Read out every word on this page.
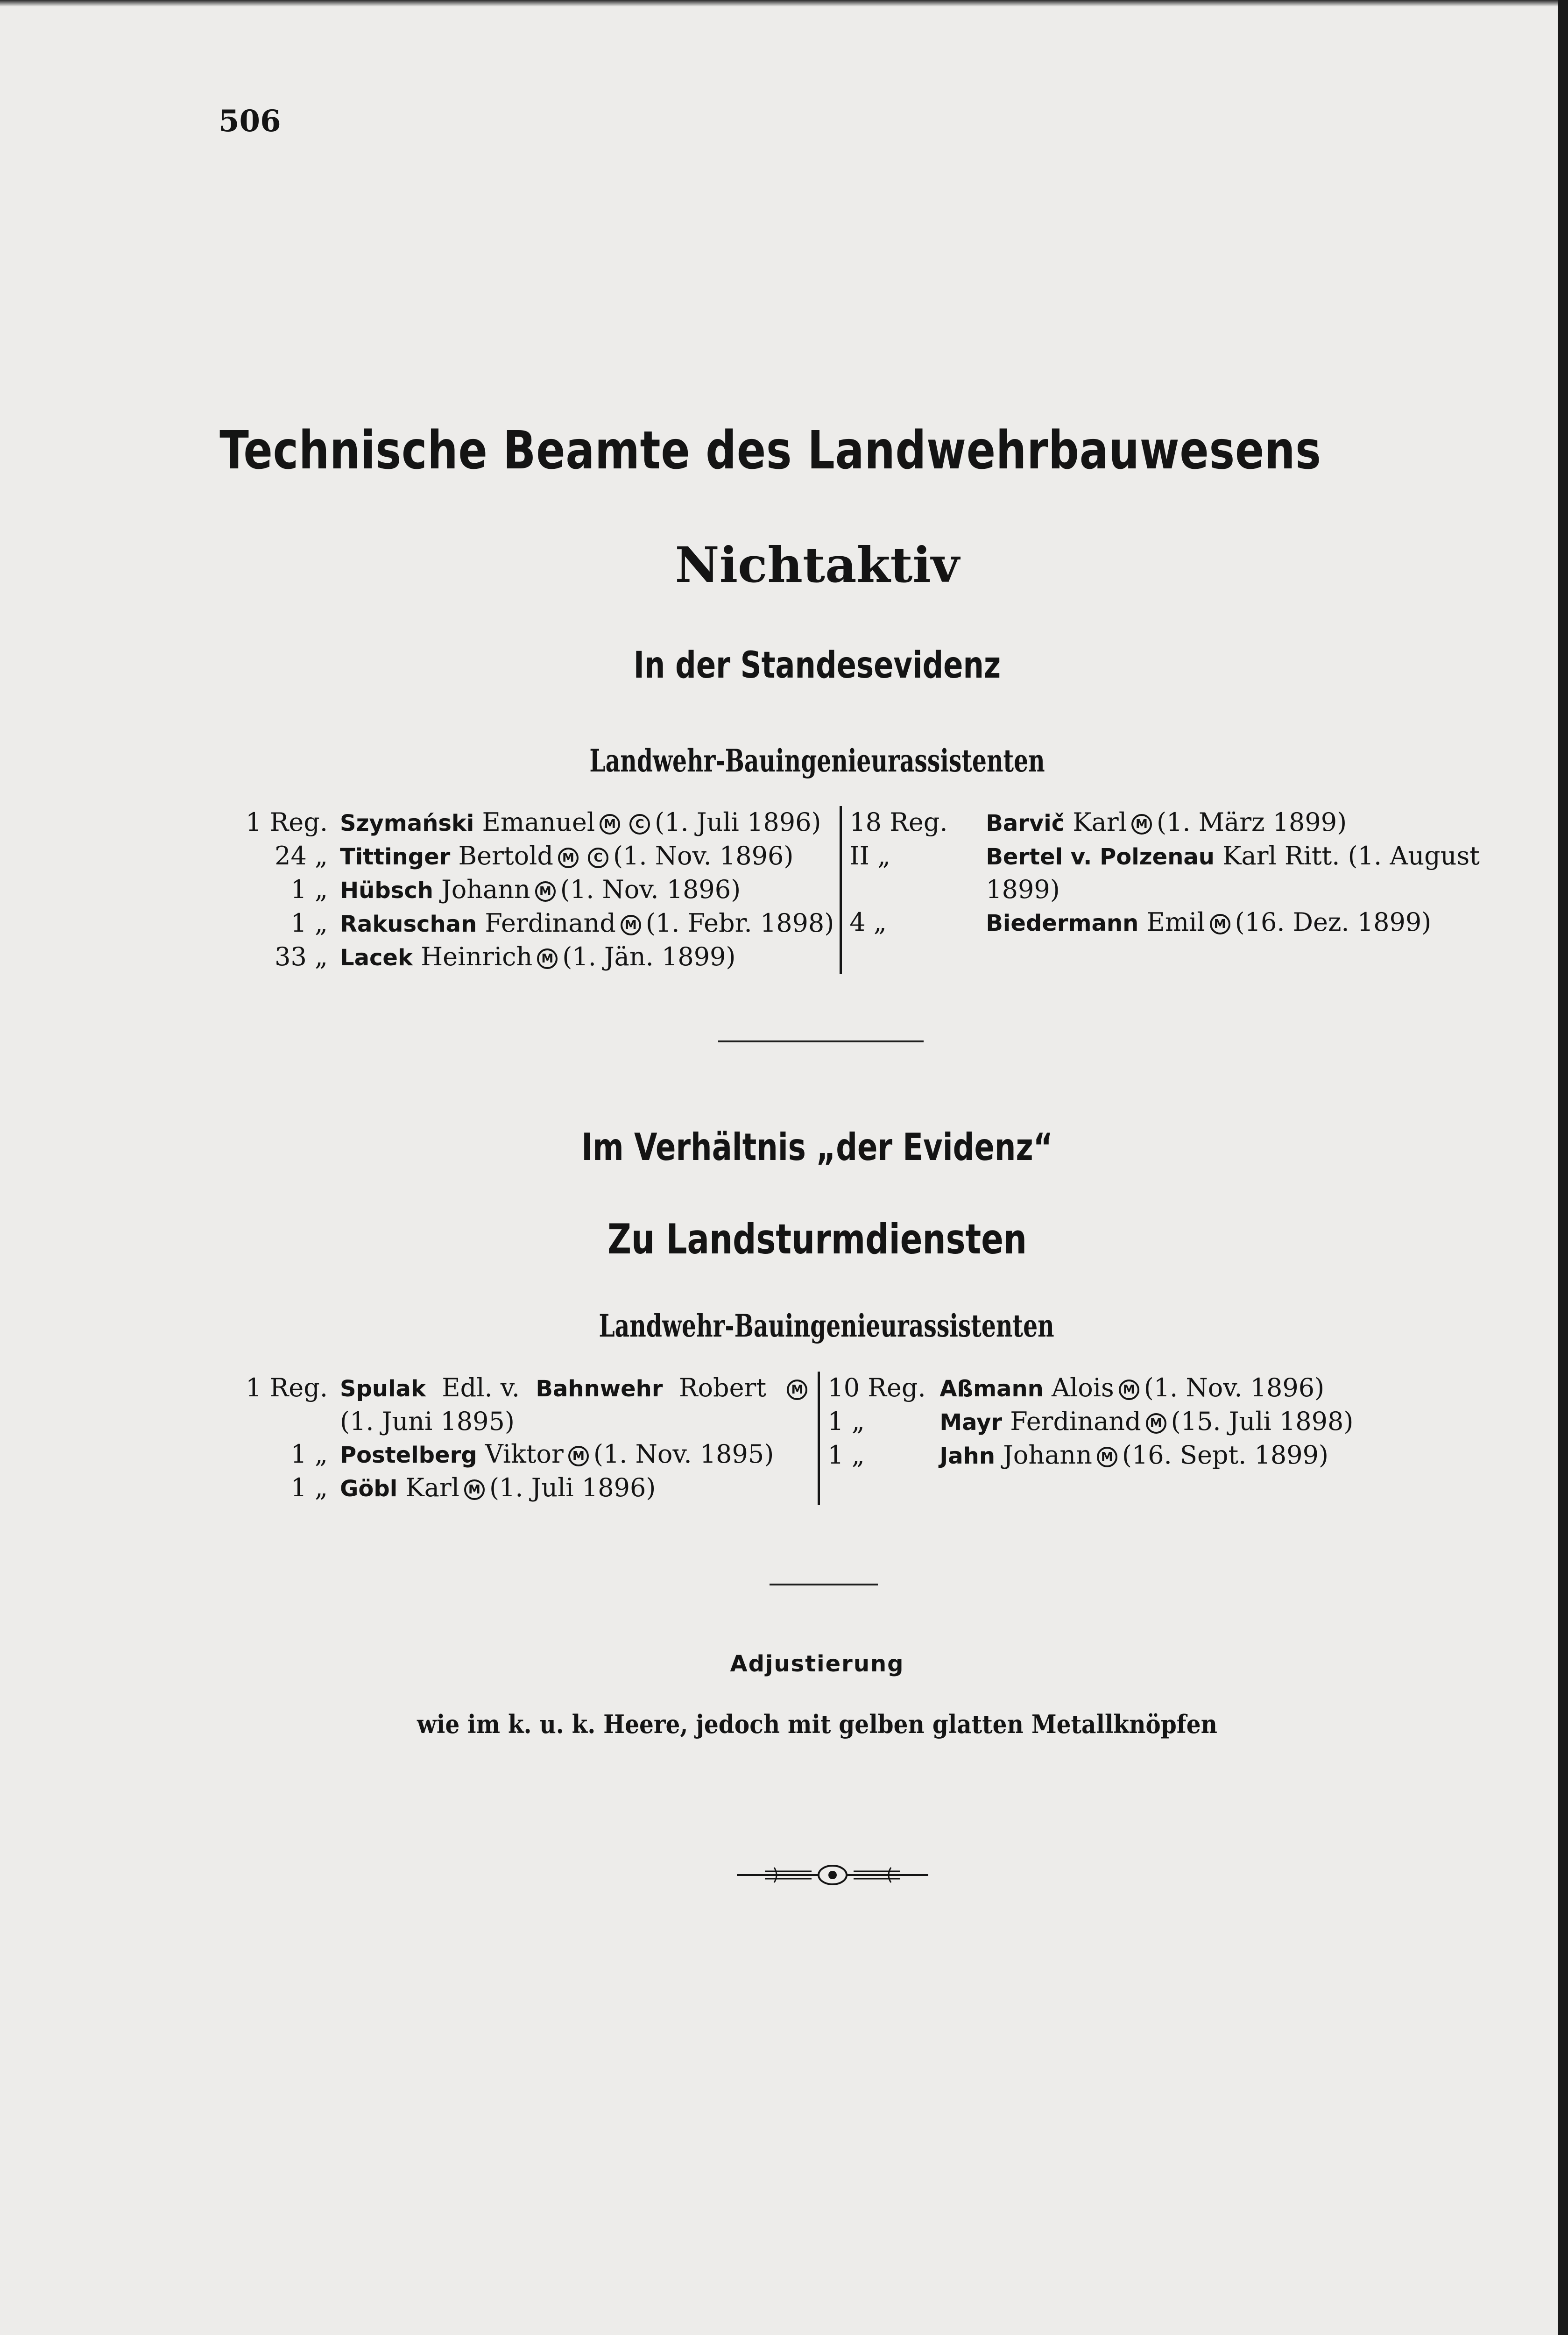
506
Technische Beamte des Landwehrbauwesens
Nichtaktiv
In der Standesevidenz
Landwehr-Bauingenieurassistenten
1 Reg. Szymański Emanuel M C (1. Juli 1896)
24 „ Tittinger Bertold M C (1. Nov. 1896)
1 „ Hübsch Johann M (1. Nov. 1896)
1 „ Rakuschan Ferdinand M (1. Febr. 1898)
33 „ Lacek Heinrich M (1. Jän. 1899)
18 Reg.	Barvič Karl M (1. März 1899)
II „	Bertel v. Polzenau Karl Ritt. (1. August
1899)
4 „	Biedermann Emil M (16. Dez. 1899)

Im Verhältnis „der Evidenz“
Zu Landsturmdiensten
Landwehr-Bauingenieurassistenten
1 Reg. Spulak Edl. v. Bahnwehr Robert M
(1. Juni 1895)
1 „ Postelberg Viktor M (1. Nov. 1895)
1 „ Göbl Karl M (1. Juli 1896)
10 Reg. Aßmann Alois M (1. Nov. 1896)
1 „	Mayr Ferdinand M (15. Juli 1898)
1 „	Jahn Johann M (16. Sept. 1899)

Adjustierung
wie im k. u. k. Heere, jedoch mit gelben glatten Metallknöpfen
